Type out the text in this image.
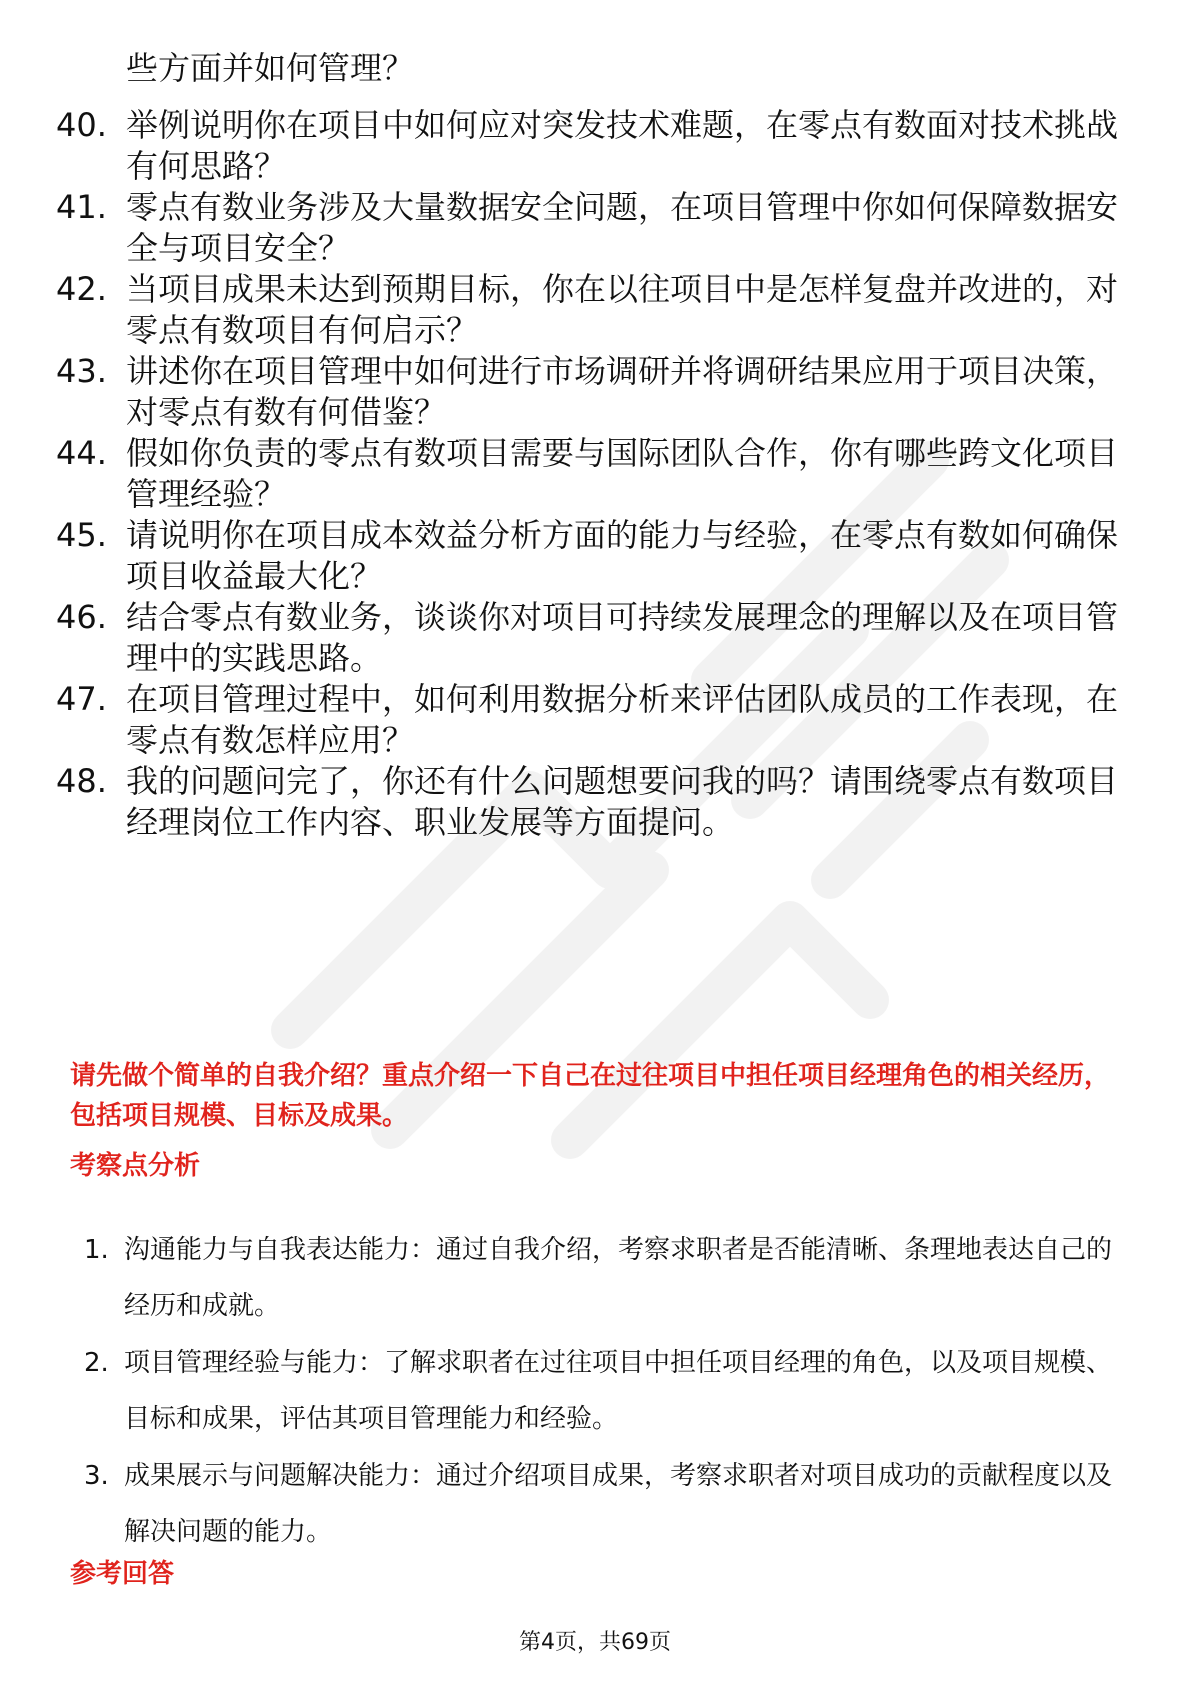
些方面并如何管理？
40. 举例说明你在项目中如何应对突发技术难题，在零点有数面对技术挑战有何思路？
41. 零点有数业务涉及大量数据安全问题，在项目管理中你如何保障数据安全与项目安全？
42. 当项目成果未达到预期目标，你在以往项目中是怎样复盘并改进的，对零点有数项目有何启示？
43. 讲述你在项目管理中如何进行市场调研并将调研结果应用于项目决策，对零点有数有何借鉴？
44. 假如你负责的零点有数项目需要与国际团队合作，你有哪些跨文化项目管理经验？
45. 请说明你在项目成本效益分析方面的能力与经验，在零点有数如何确保项目收益最大化？
46. 结合零点有数业务，谈谈你对项目可持续发展理念的理解以及在项目管理中的实践思路。
47. 在项目管理过程中，如何利用数据分析来评估团队成员的工作表现，在零点有数怎样应用？
48. 我的问题问完了，你还有什么问题想要问我的吗？请围绕零点有数项目经理岗位工作内容、职业发展等方面提问。
请先做个简单的自我介绍？重点介绍一下自己在过往项目中担任项目经理角色的相关经历，包括项目规模、目标及成果。
考察点分析
1. 沟通能力与自我表达能力：通过自我介绍，考察求职者是否能清晰、条理地表达自己的经历和成就。
2. 项目管理经验与能力：了解求职者在过往项目中担任项目经理的角色，以及项目规模、目标和成果，评估其项目管理能力和经验。
3. 成果展示与问题解决能力：通过介绍项目成果，考察求职者对项目成功的贡献程度以及解决问题的能力。
参考回答
第4页，共69页
